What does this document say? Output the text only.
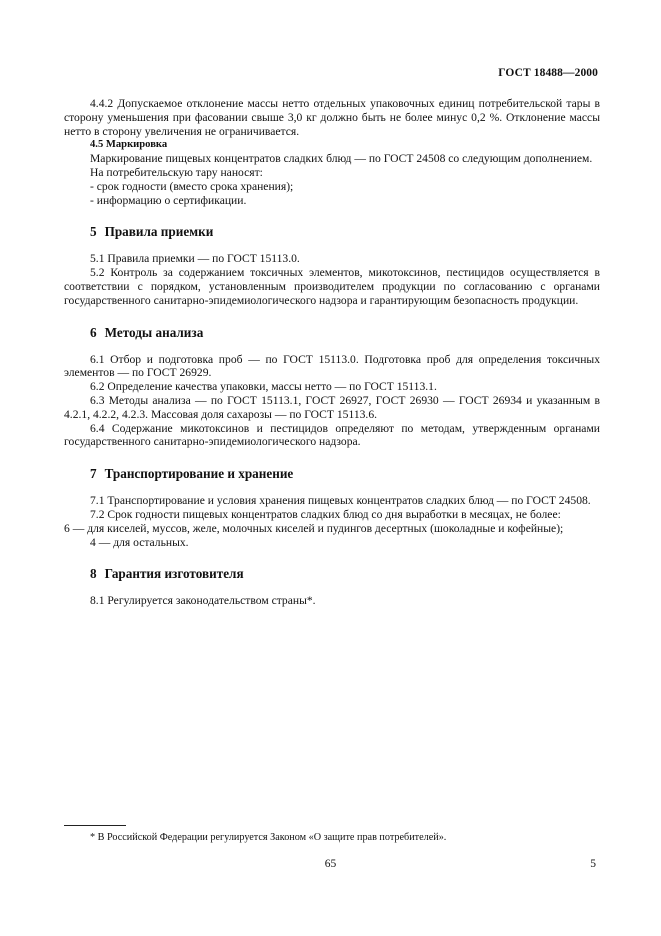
ГОСТ 18488—2000

4.4.2 Допускаемое отклонение массы нетто отдельных упаковочных единиц потребительской тары в сторону уменьшения при фасовании свыше 3,0 кг должно быть не более минус 0,2 %. Отклонение массы нетто в сторону увеличения не ограничивается.

4.5 Маркировка

Маркирование пищевых концентратов сладких блюд — по ГОСТ 24508 со следующим дополнением.

На потребительскую тару наносят:

- срок годности (вместо срока хранения);

- информацию о сертификации.

5 Правила приемки

5.1 Правила приемки — по ГОСТ 15113.0.

5.2 Контроль за содержанием токсичных элементов, микотоксинов, пестицидов осуществляется в соответствии с порядком, установленным производителем продукции по согласованию с органами государственного санитарно-эпидемиологического надзора и гарантирующим безопасность продукции.

6 Методы анализа

6.1 Отбор и подготовка проб — по ГОСТ 15113.0. Подготовка проб для определения токсичных элементов — по ГОСТ 26929.

6.2 Определение качества упаковки, массы нетто — по ГОСТ 15113.1.

6.3 Методы анализа — по ГОСТ 15113.1, ГОСТ 26927, ГОСТ 26930 — ГОСТ 26934 и указанным в 4.2.1, 4.2.2, 4.2.3. Массовая доля сахарозы — по ГОСТ 15113.6.

6.4 Содержание микотоксинов и пестицидов определяют по методам, утвержденным органами государственного санитарно-эпидемиологического надзора.

7 Транспортирование и хранение

7.1 Транспортирование и условия хранения пищевых концентратов сладких блюд — по ГОСТ 24508.

7.2 Срок годности пищевых концентратов сладких блюд со дня выработки в месяцах, не более:

6 — для киселей, муссов, желе, молочных киселей и пудингов десертных (шоколадные и кофейные);

4 — для остальных.

8 Гарантия изготовителя

8.1 Регулируется законодательством страны*.

* В Российской Федерации регулируется Законом «О защите прав потребителей».
65	5
